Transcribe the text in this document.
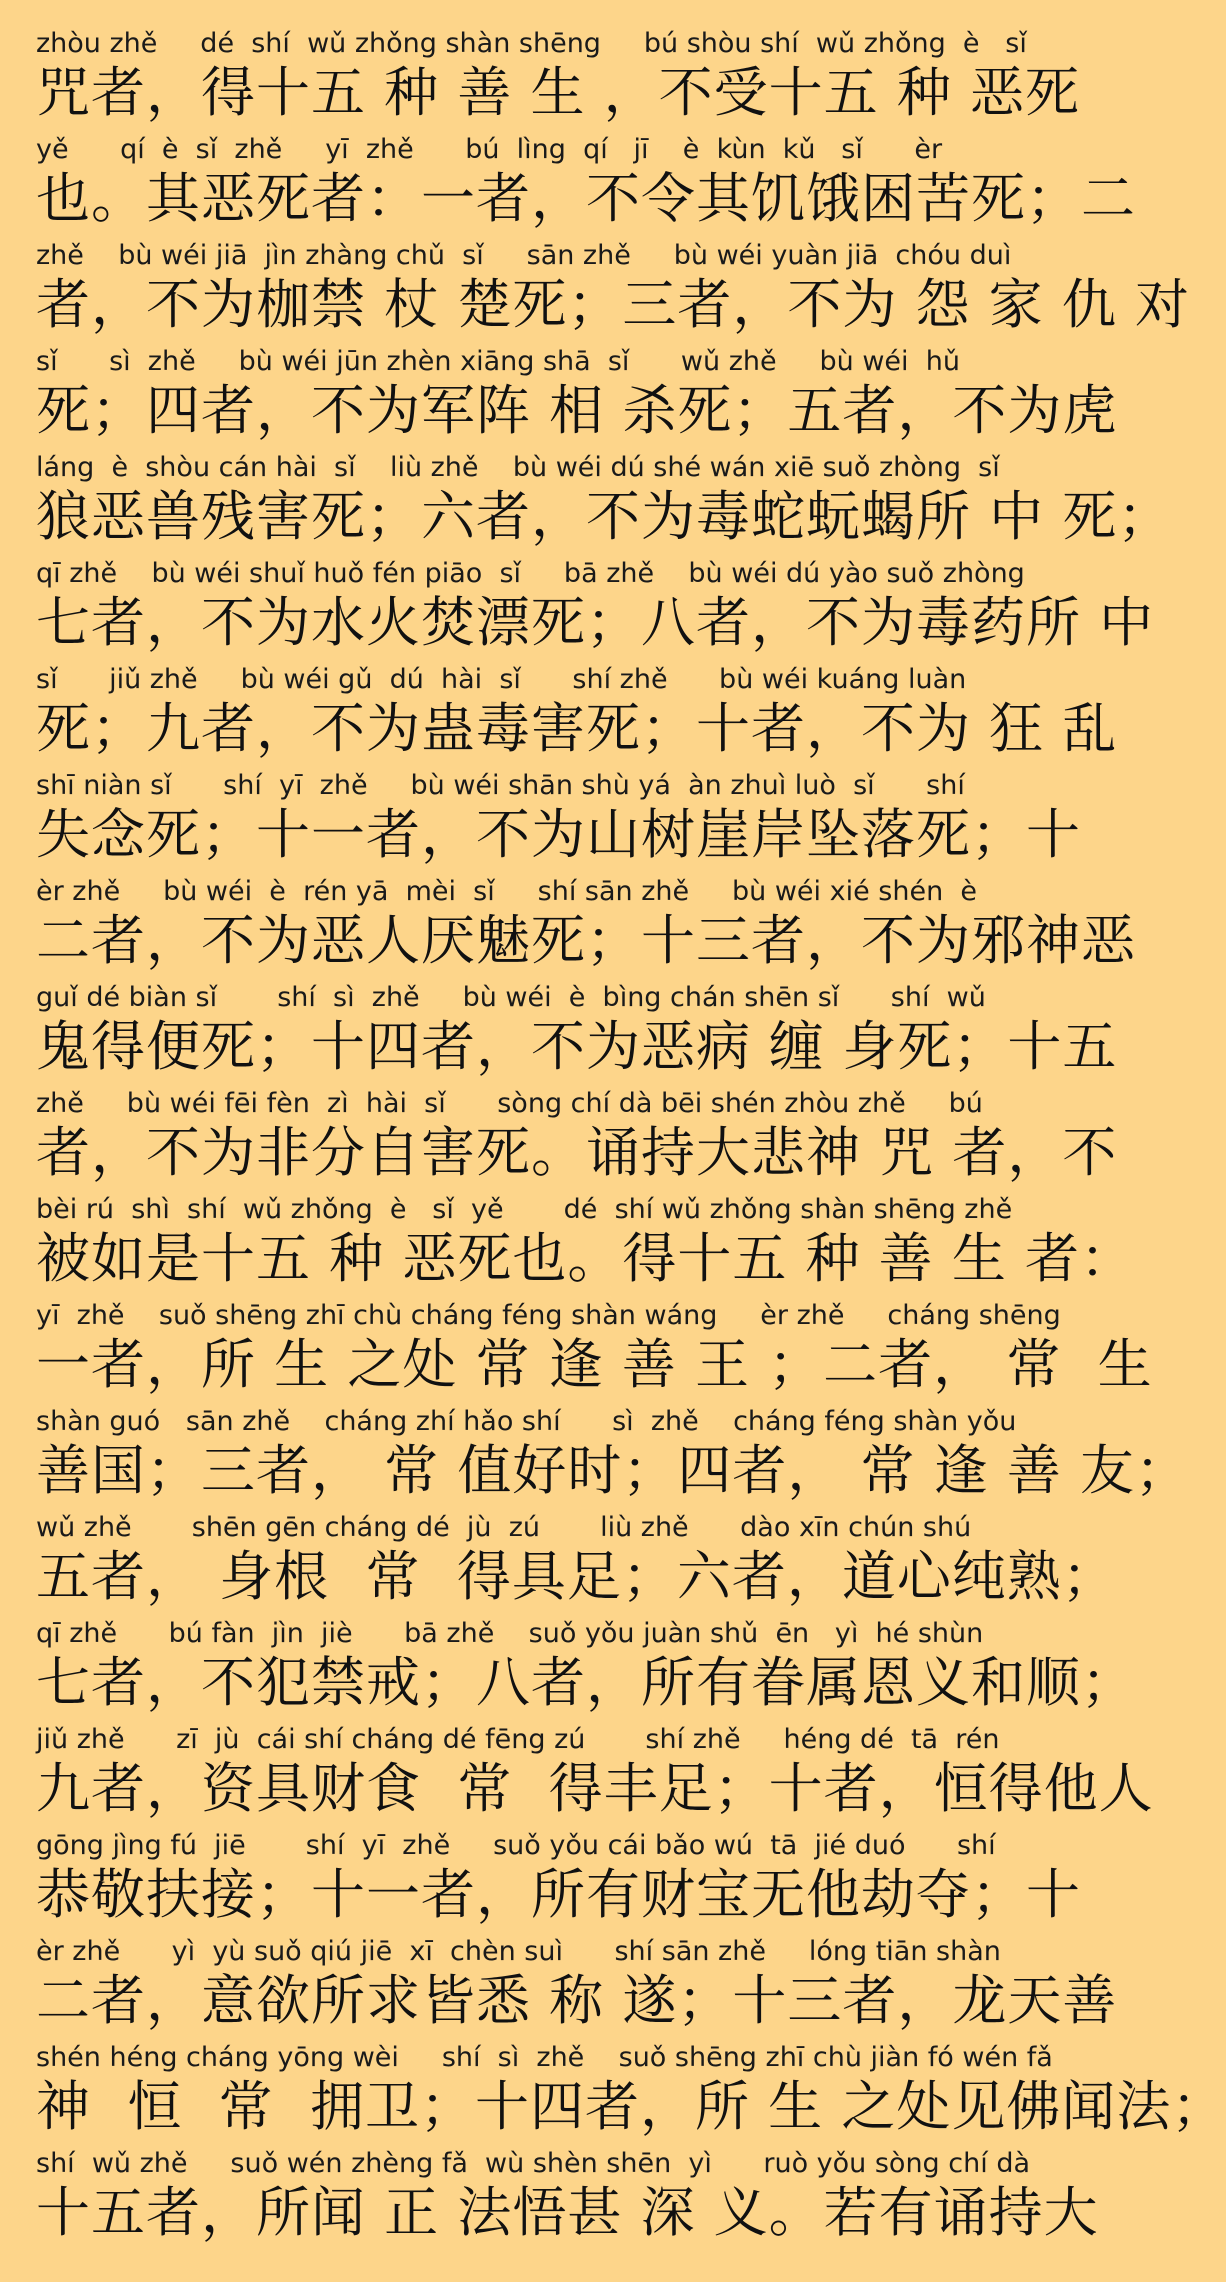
zhòu zhě     dé  shí  wǔ zhǒng shàn shēng     bú shòu shí  wǔ zhǒng  è   sǐ
咒者，得十五 种 善 生 ，不受十五 种 恶死
yě      qí  è  sǐ  zhě     yī  zhě      bú  lìng  qí   jī    è  kùn  kǔ   sǐ      èr
也。其恶死者：一者，不令其饥饿困苦死；二
zhě    bù wéi jiā  jìn zhàng chǔ  sǐ     sān zhě     bù wéi yuàn jiā  chóu duì
者，不为枷禁 杖 楚死；三者，不为 怨 家 仇 对
sǐ      sì  zhě     bù wéi jūn zhèn xiāng shā  sǐ      wǔ zhě     bù wéi  hǔ
死；四者，不为军阵 相 杀死；五者，不为虎
láng  è  shòu cán hài  sǐ    liù zhě    bù wéi dú shé wán xiē suǒ zhòng  sǐ
狼恶兽残害死；六者，不为毒蛇蚖蝎所 中 死；
qī zhě    bù wéi shuǐ huǒ fén piāo  sǐ     bā zhě    bù wéi dú yào suǒ zhòng
七者，不为水火焚漂死；八者，不为毒药所 中
sǐ      jiǔ zhě     bù wéi gǔ  dú  hài  sǐ      shí zhě      bù wéi kuáng luàn
死；九者，不为蛊毒害死；十者，不为 狂 乱
shī niàn sǐ      shí  yī  zhě     bù wéi shān shù yá  àn zhuì luò  sǐ      shí
失念死；十一者，不为山树崖岸坠落死；十
èr zhě     bù wéi  è  rén yā  mèi  sǐ     shí sān zhě     bù wéi xié shén  è
二者，不为恶人厌魅死；十三者，不为邪神恶
guǐ dé biàn sǐ       shí  sì  zhě     bù wéi  è  bìng chán shēn sǐ      shí  wǔ
鬼得便死；十四者，不为恶病 缠 身死；十五
zhě     bù wéi fēi fèn  zì  hài  sǐ      sòng chí dà bēi shén zhòu zhě     bú
者，不为非分自害死。诵持大悲神 咒 者，不
bèi rú  shì  shí  wǔ zhǒng  è   sǐ  yě       dé  shí wǔ zhǒng shàn shēng zhě
被如是十五 种 恶死也。得十五 种 善 生 者：
yī  zhě    suǒ shēng zhī chù cháng féng shàn wáng     èr zhě     cháng shēng
一者，所 生 之处 常 逢 善 王 ；二者， 常  生
shàn guó   sān zhě    cháng zhí hǎo shí      sì  zhě    cháng féng shàn yǒu
善国；三者， 常 值好时；四者， 常 逢 善 友；
wǔ zhě       shēn gēn cháng dé  jù  zú       liù zhě      dào xīn chún shú
五者， 身根  常  得具足；六者，道心纯熟；
qī zhě      bú fàn  jìn  jiè      bā zhě    suǒ yǒu juàn shǔ  ēn   yì  hé shùn
七者，不犯禁戒；八者，所有眷属恩义和顺；
jiǔ zhě      zī  jù  cái shí cháng dé fēng zú       shí zhě     héng dé  tā  rén
九者，资具财食  常  得丰足；十者，恒得他人
gōng jìng fú  jiē       shí  yī  zhě     suǒ yǒu cái bǎo wú  tā  jié duó      shí
恭敬扶接；十一者，所有财宝无他劫夺；十
èr zhě      yì  yù suǒ qiú jiē  xī  chèn suì      shí sān zhě     lóng tiān shàn
二者，意欲所求皆悉 称 遂；十三者，龙天善
shén héng cháng yōng wèi     shí  sì  zhě    suǒ shēng zhī chù jiàn fó wén fǎ
神  恒  常  拥卫；十四者，所 生 之处见佛闻法；
shí  wǔ zhě     suǒ wén zhèng fǎ  wù shèn shēn  yì      ruò yǒu sòng chí dà
十五者，所闻 正 法悟甚 深 义。若有诵持大
